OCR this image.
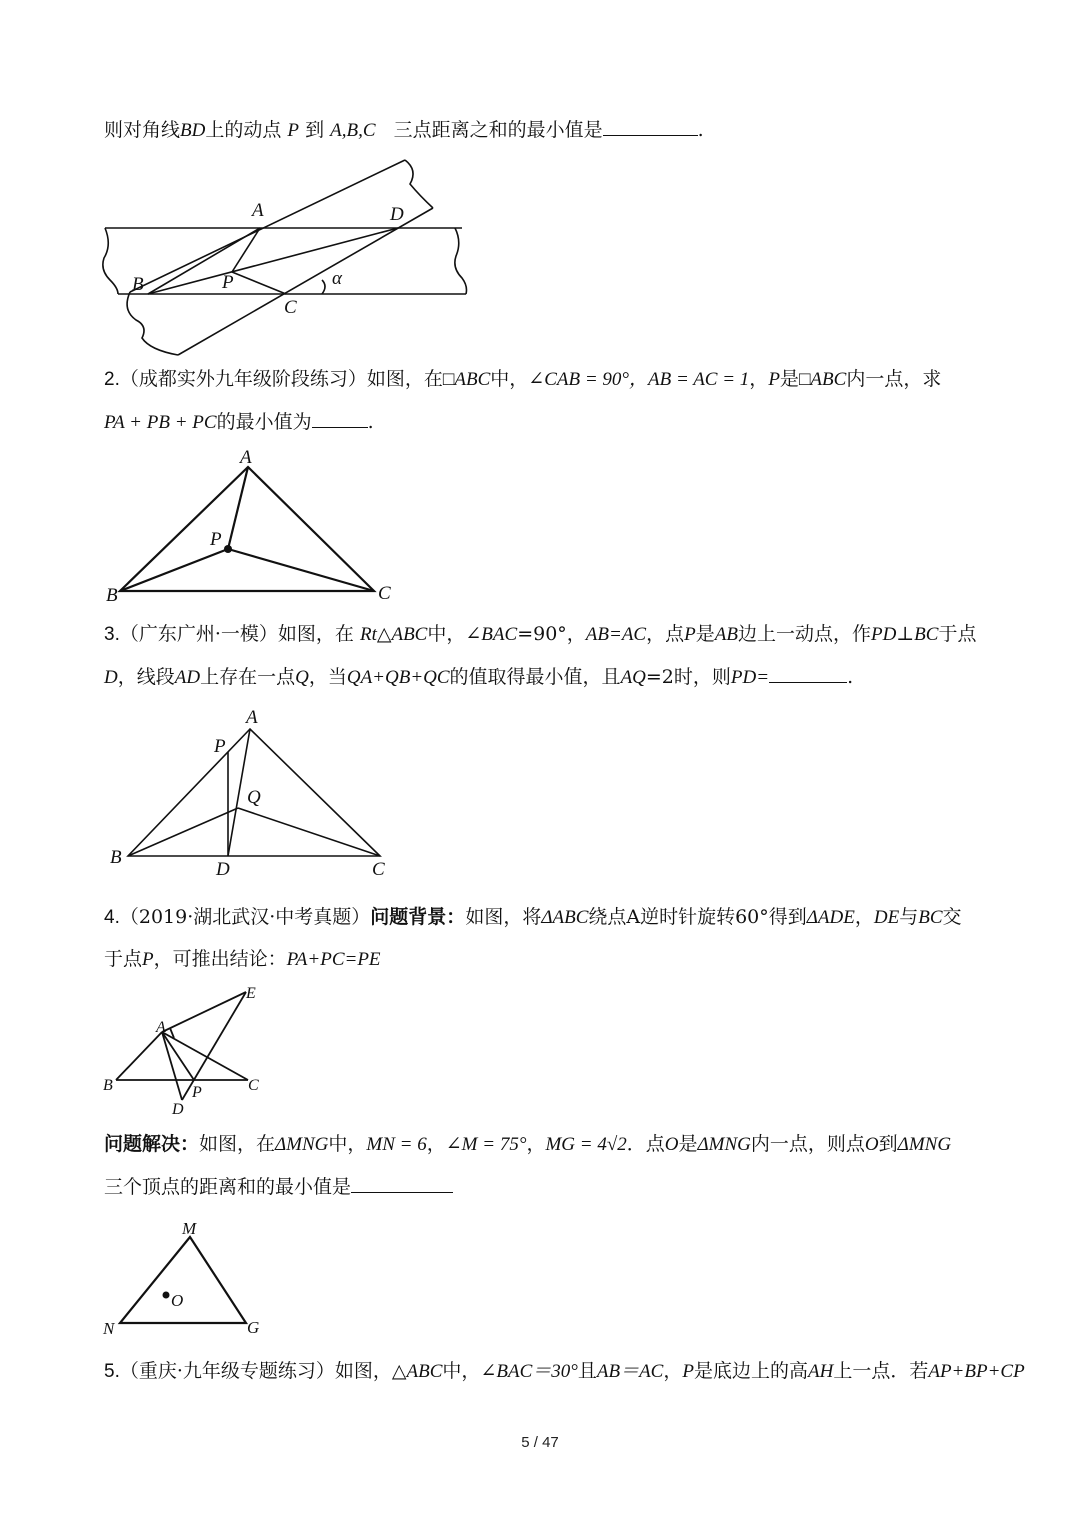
则对角线BD上的动点 P 到 A,B,C 三点距离之和的最小值是	.
A	D
B	P
C
α
2.（成都实外九年级阶段练习）如图，在□ABC中，∠CAB = 90°，AB = AC = 1，P是□ABC内一点，求
PA + PB + PC的最小值为	.
A
P
B	C
3.（广东广州·一模）如图，在 Rt△ABC中，∠BAC=90°，AB=AC，点P是AB边上一动点，作PD⊥BC于点
D，线段AD上存在一点Q，当QA+QB+QC的值取得最小值，且AQ=2时，则PD=	.
A
P
Q
B
D	C
4.（2019·湖北武汉·中考真题）问题背景：如图，将ΔABC绕点A逆时针旋转60°得到ΔADE，DE与BC交
于点P，可推出结论：PA+PC=PE
E
A
B	C
P
D
问题解决：如图，在ΔMNG中，MN = 6，∠M = 75°，MG = 4√2．点O是ΔMNG内一点，则点O到ΔMNG
三个顶点的距离和的最小值是
M
O
N	G
5.（重庆·九年级专题练习）如图，△ABC中，∠BAC＝30°且AB＝AC，P是底边上的高AH上一点．若AP+BP+CP
5 / 47
